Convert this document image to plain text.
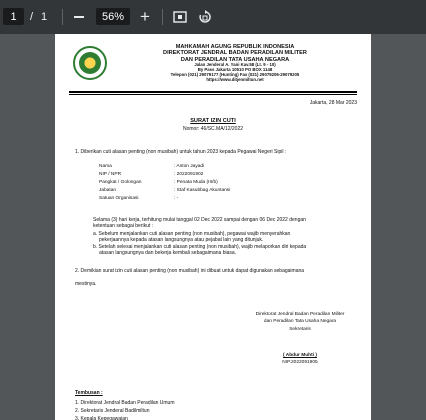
1	/ 1	56% +
MAHKAMAH AGUNG REPUBLIK INDONESIA
DIREKTORAT JENDRAL BADAN PERADILAN MILITER
DAN PERADILAN TATA USAHA NEGARA
Jalan Jenderal A. Yani Kav.58 (Lt. 9 - 10)
By Pass Jakarta 10510 PO BOX 1148
Telepon (021) 29079177 (Hunting) Fax (021) 29079206-29079205
https://www.ditjenmiltun.net
Jakarta, 28 Mar 2023
SURAT IZIN CUTI
Nomor: 46/SC.MA/12/2022
1. Diberikan cuti alasan penting (non musibah) untuk tahun 2023 kepada Pegawai Negeri Sipil :
Nama	: Anton Jayadi
NIP / NPR	: 2022091902
Pangkat / Golongan	: Penata Muda (III/b)
Jabatan	: Staf Kasubbag Akuntansi
Satuan Organisasi	: -
Selama (3) hari kerja, terhitung mulai tanggal 02 Dec 2022 sampai dengan 06 Dec 2022 dengan
ketentuan sebagai berikut :
a. Sebelum menjalankan cuti alasan penting (non musibah), pegawai wajib menyerahkan
pekerjaannya kepada atasan langsungnya atau pejabat lain yang ditunjuk.
b. Setelah selesai menjalankan cuti alasan penting (non musibah), wajib melaporkan diri kepada
atasan langsungnya dan bekerja kembali sebagaimana biasa.
2. Demikian surat izin cuti alasan penting (non musibah) ini dibuat untuk dapat digunakan sebagaimana
mestinya.
Direktorat Jendral Badan Peradilan Militer
dan Peradilan Tata Usaha Negara
Sekretaris
( Abdur Muhti )
NIP.2022091905
Tembusan :
1. Direktorat Jendral Badan Peradilan Umum
2. Sekretaris Jenderal Badilmiltun
3. Kepala Kepegawaian
